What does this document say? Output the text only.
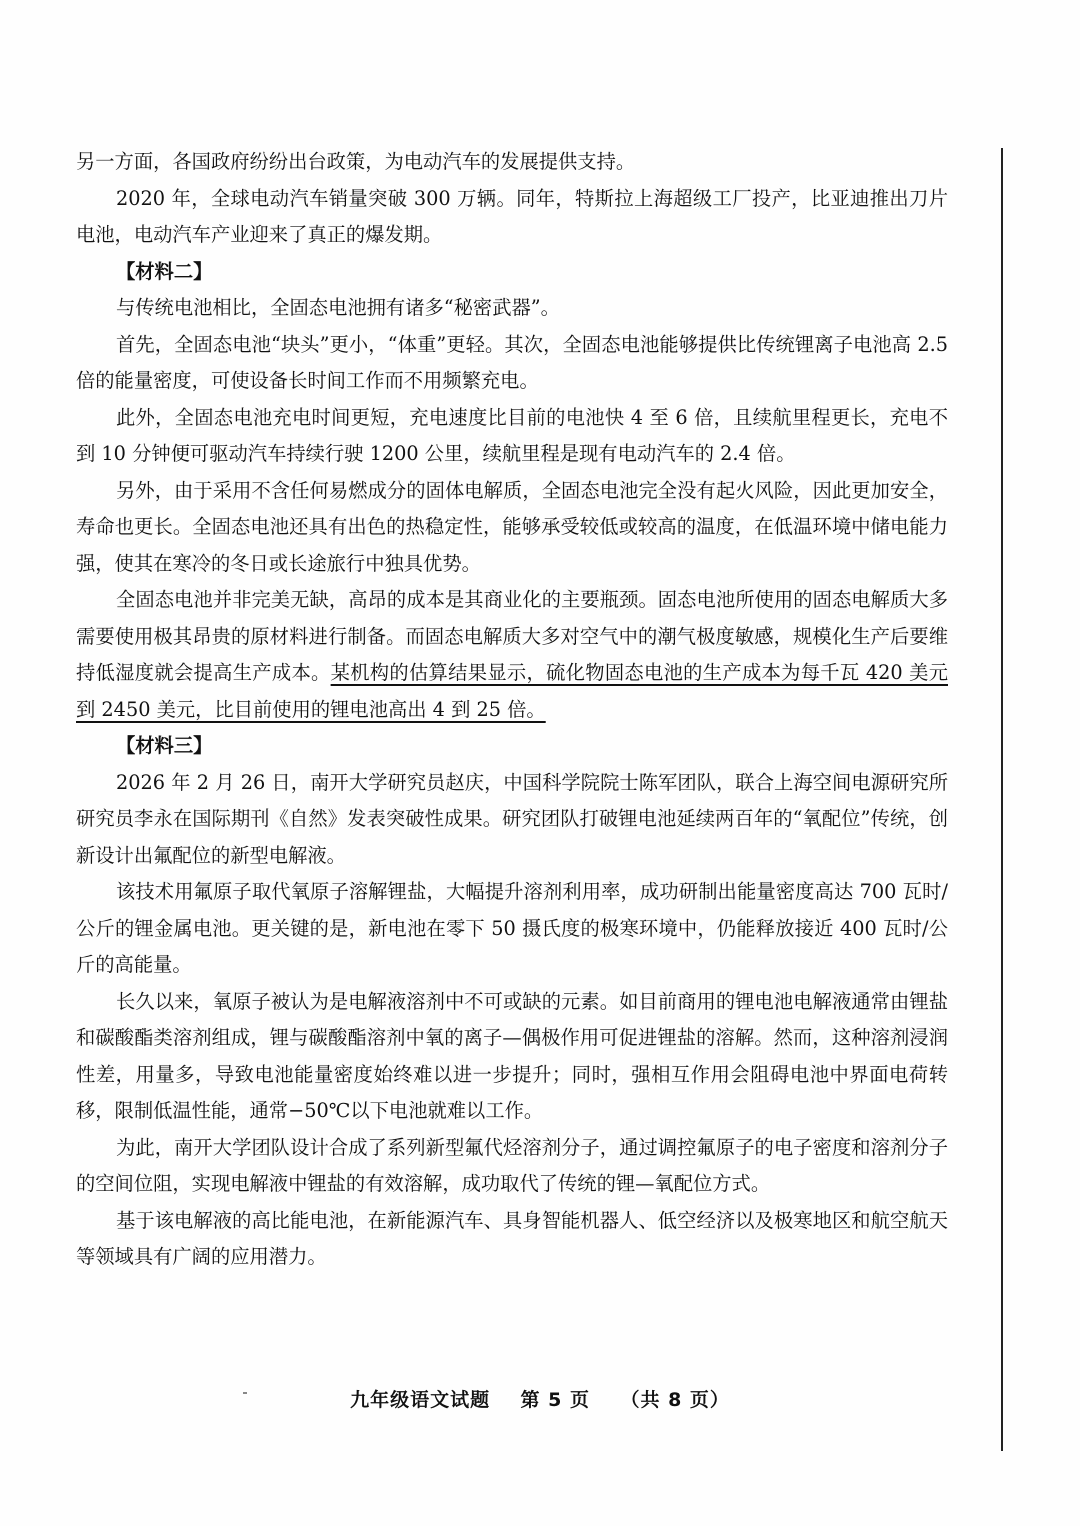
另一方面，各国政府纷纷出台政策，为电动汽车的发展提供支持。

2020 年，全球电动汽车销量突破 300 万辆。同年，特斯拉上海超级工厂投产，比亚迪推出刀片电池，电动汽车产业迎来了真正的爆发期。

【材料二】

与传统电池相比，全固态电池拥有诸多“秘密武器”。

首先，全固态电池“块头”更小，“体重”更轻。其次，全固态电池能够提供比传统锂离子电池高 2.5 倍的能量密度，可使设备长时间工作而不用频繁充电。

此外，全固态电池充电时间更短，充电速度比目前的电池快 4 至 6 倍，且续航里程更长，充电不到 10 分钟便可驱动汽车持续行驶 1200 公里，续航里程是现有电动汽车的 2.4 倍。

另外，由于采用不含任何易燃成分的固体电解质，全固态电池完全没有起火风险，因此更加安全，寿命也更长。全固态电池还具有出色的热稳定性，能够承受较低或较高的温度，在低温环境中储电能力强，使其在寒冷的冬日或长途旅行中独具优势。

全固态电池并非完美无缺，高昂的成本是其商业化的主要瓶颈。固态电池所使用的固态电解质大多需要使用极其昂贵的原材料进行制备。而固态电解质大多对空气中的潮气极度敏感，规模化生产后要维持低湿度就会提高生产成本。某机构的估算结果显示，硫化物固态电池的生产成本为每千瓦 420 美元到 2450 美元，比目前使用的锂电池高出 4 到 25 倍。

【材料三】

2026 年 2 月 26 日，南开大学研究员赵庆，中国科学院院士陈军团队，联合上海空间电源研究所研究员李永在国际期刊《自然》发表突破性成果。研究团队打破锂电池延续两百年的“氧配位”传统，创新设计出氟配位的新型电解液。

该技术用氟原子取代氧原子溶解锂盐，大幅提升溶剂利用率，成功研制出能量密度高达 700 瓦时/公斤的锂金属电池。更关键的是，新电池在零下 50 摄氏度的极寒环境中，仍能释放接近 400 瓦时/公斤的高能量。

长久以来，氧原子被认为是电解液溶剂中不可或缺的元素。如目前商用的锂电池电解液通常由锂盐和碳酸酯类溶剂组成，锂与碳酸酯溶剂中氧的离子—偶极作用可促进锂盐的溶解。然而，这种溶剂浸润性差，用量多，导致电池能量密度始终难以进一步提升；同时，强相互作用会阻碍电池中界面电荷转移，限制低温性能，通常−50℃以下电池就难以工作。

为此，南开大学团队设计合成了系列新型氟代烃溶剂分子，通过调控氟原子的电子密度和溶剂分子的空间位阻，实现电解液中锂盐的有效溶解，成功取代了传统的锂—氧配位方式。

基于该电解液的高比能电池，在新能源汽车、具身智能机器人、低空经济以及极寒地区和航空航天等领域具有广阔的应用潜力。

九年级语文试题 第 5 页 （共 8 页）
